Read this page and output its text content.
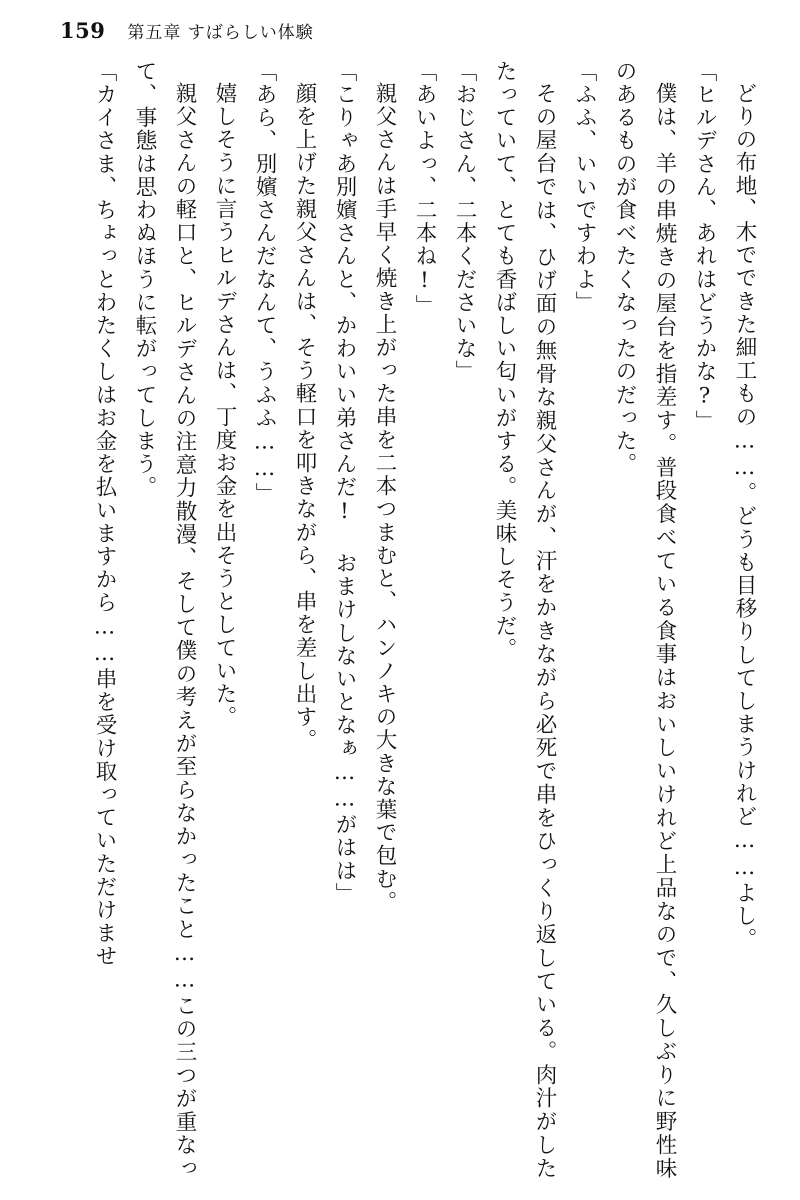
159 第五章 すばらしい体験

どりの布地、木でできた細工もの……。どうも目移りしてしまうけれど……よし。

「ヒルデさん、あれはどうかな?」

僕は、羊の串焼きの屋台を指差す。普段食べている食事はおいしいけれど上品なので、久しぶりに野性味のあるものが食べたくなったのだった。

「ふふ、いいですわよ」

その屋台では、ひげ面の無骨な親父さんが、汗をかきながら必死で串をひっくり返している。肉汁がしたたっていて、とても香ばしい匂いがする。美味しそうだ。

「おじさん、二本くださいな」

「あいよっ、二本ね!」

親父さんは手早く焼き上がった串を二本つまむと、ハンノキの大きな葉で包む。

「こりゃあ別嬪さんと、かわいい弟さんだ! おまけしないとなぁ……がはは」

顔を上げた親父さんは、そう軽口を叩きながら、串を差し出す。

「あら、別嬪さんだなんて、うふふ……」

嬉しそうに言うヒルデさんは、丁度お金を出そうとしていた。

親父さんの軽口と、ヒルデさんの注意力散漫、そして僕の考えが至らなかったこと……この三つが重なって、事態は思わぬほうに転がってしまう。

「カイさま、ちょっとわたくしはお金を払いますから……串を受け取っていただけませ
